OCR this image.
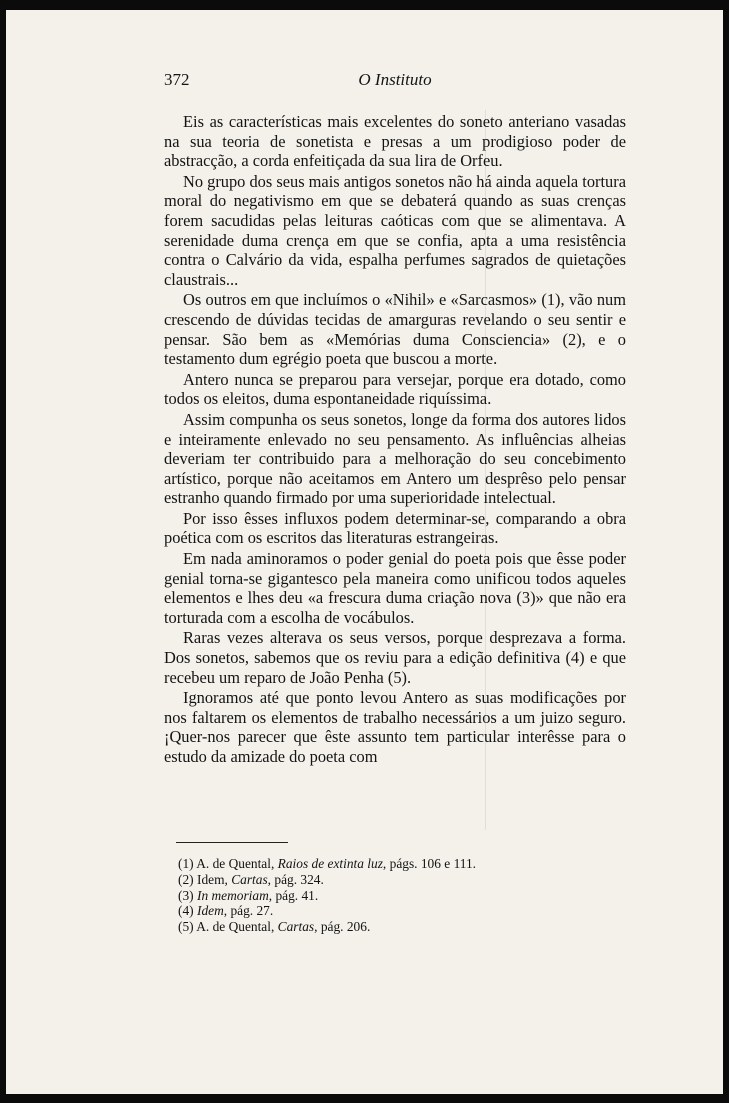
372	O Instituto

Eis as características mais excelentes do soneto anteriano vasadas na sua teoria de sonetista e presas a um prodigioso poder de abstracção, a corda enfeitiçada da sua lira de Orfeu.

No grupo dos seus mais antigos sonetos não há ainda aquela tortura moral do negativismo em que se debaterá quando as suas crenças forem sacudidas pelas leituras caóticas com que se alimentava. A serenidade duma crença em que se confia, apta a uma resistência contra o Calvário da vida, espalha perfumes sagrados de quietações claustrais...

Os outros em que incluímos o «Nihil» e «Sarcasmos» (1), vão num crescendo de dúvidas tecidas de amarguras revelando o seu sentir e pensar. São bem as «Memórias duma Consciencia» (2), e o testamento dum egrégio poeta que buscou a morte.

Antero nunca se preparou para versejar, porque era dotado, como todos os eleitos, duma espontaneidade riquíssima.

Assim compunha os seus sonetos, longe da forma dos autores lidos e inteiramente enlevado no seu pensamento. As influências alheias deveriam ter contribuido para a melhoração do seu concebimento artístico, porque não aceitamos em Antero um desprêso pelo pensar estranho quando firmado por uma superioridade intelectual.

Por isso êsses influxos podem determinar-se, comparando a obra poética com os escritos das literaturas estrangeiras.

Em nada aminoramos o poder genial do poeta pois que êsse poder genial torna-se gigantesco pela maneira como unificou todos aqueles elementos e lhes deu «a frescura duma criação nova (3)» que não era torturada com a escolha de vocábulos.

Raras vezes alterava os seus versos, porque desprezava a forma. Dos sonetos, sabemos que os reviu para a edição definitiva (4) e que recebeu um reparo de João Penha (5).

Ignoramos até que ponto levou Antero as suas modificações por nos faltarem os elementos de trabalho necessários a um juizo seguro. ¡Quer-nos parecer que êste assunto tem particular interêsse para o estudo da amizade do poeta com

(1) A. de Quental, Raios de extinta luz, págs. 106 e 111.
(2) Idem, Cartas, pág. 324.
(3) In memoriam, pág. 41.
(4) Idem, pág. 27.
(5) A. de Quental, Cartas, pág. 206.
